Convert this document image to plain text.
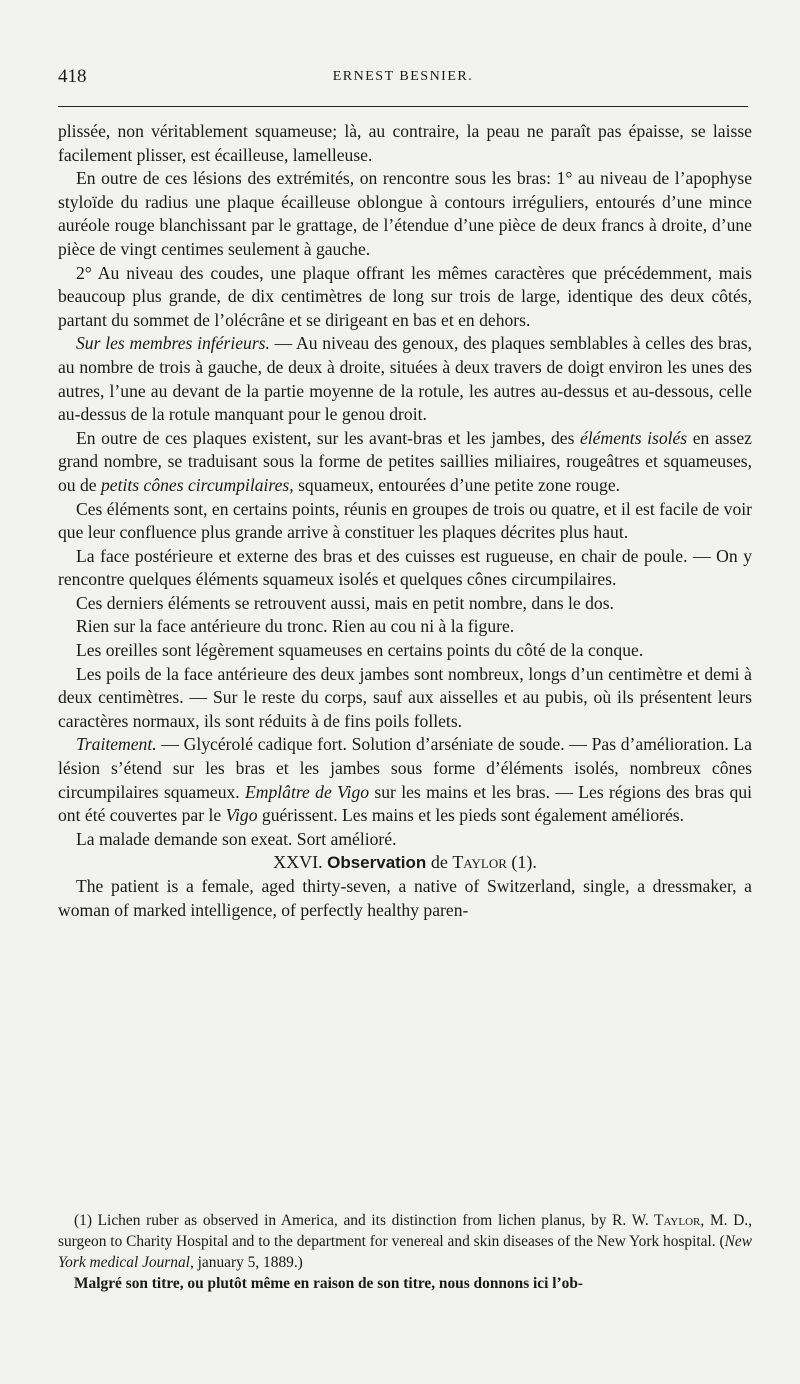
418	ERNEST BESNIER.

plissée, non véritablement squameuse; là, au contraire, la peau ne paraît pas épaisse, se laisse facilement plisser, est écailleuse, lamelleuse.

En outre de ces lésions des extrémités, on rencontre sous les bras: 1° au niveau de l’apophyse styloïde du radius une plaque écailleuse oblongue à contours irréguliers, entourés d’une mince auréole rouge blanchissant par le grattage, de l’étendue d’une pièce de deux francs à droite, d’une pièce de vingt centimes seulement à gauche.

2° Au niveau des coudes, une plaque offrant les mêmes caractères que précédemment, mais beaucoup plus grande, de dix centimètres de long sur trois de large, identique des deux côtés, partant du sommet de l’olécrâne et se dirigeant en bas et en dehors.

Sur les membres inférieurs. — Au niveau des genoux, des plaques semblables à celles des bras, au nombre de trois à gauche, de deux à droite, situées à deux travers de doigt environ les unes des autres, l’une au devant de la partie moyenne de la rotule, les autres au-dessus et au-dessous, celle au-dessus de la rotule manquant pour le genou droit.

En outre de ces plaques existent, sur les avant-bras et les jambes, des éléments isolés en assez grand nombre, se traduisant sous la forme de petites saillies miliaires, rougeâtres et squameuses, ou de petits cônes circumpilaires, squameux, entourées d’une petite zone rouge.

Ces éléments sont, en certains points, réunis en groupes de trois ou quatre, et il est facile de voir que leur confluence plus grande arrive à constituer les plaques décrites plus haut.

La face postérieure et externe des bras et des cuisses est rugueuse, en chair de poule. — On y rencontre quelques éléments squameux isolés et quelques cônes circumpilaires.

Ces derniers éléments se retrouvent aussi, mais en petit nombre, dans le dos.

Rien sur la face antérieure du tronc. Rien au cou ni à la figure.

Les oreilles sont légèrement squameuses en certains points du côté de la conque.

Les poils de la face antérieure des deux jambes sont nombreux, longs d’un centimètre et demi à deux centimètres. — Sur le reste du corps, sauf aux aisselles et au pubis, où ils présentent leurs caractères normaux, ils sont réduits à de fins poils follets.

Traitement. — Glycérolé cadique fort. Solution d’arséniate de soude. — Pas d’amélioration. La lésion s’étend sur les bras et les jambes sous forme d’éléments isolés, nombreux cônes circumpilaires squameux. Emplâtre de Vigo sur les mains et les bras. — Les régions des bras qui ont été couvertes par le Vigo guérissent. Les mains et les pieds sont également améliorés.

La malade demande son exeat. Sort amélioré.

XXVI. Observation de Taylor (1).

The patient is a female, aged thirty-seven, a native of Switzerland, single, a dressmaker, a woman of marked intelligence, of perfectly healthy paren-

(1) Lichen ruber as observed in America, and its distinction from lichen planus, by R. W. Taylor, M. D., surgeon to Charity Hospital and to the department for venereal and skin diseases of the New York hospital. (New York medical Journal, january 5, 1889.)

Malgré son titre, ou plutôt même en raison de son titre, nous donnons ici l’ob-
